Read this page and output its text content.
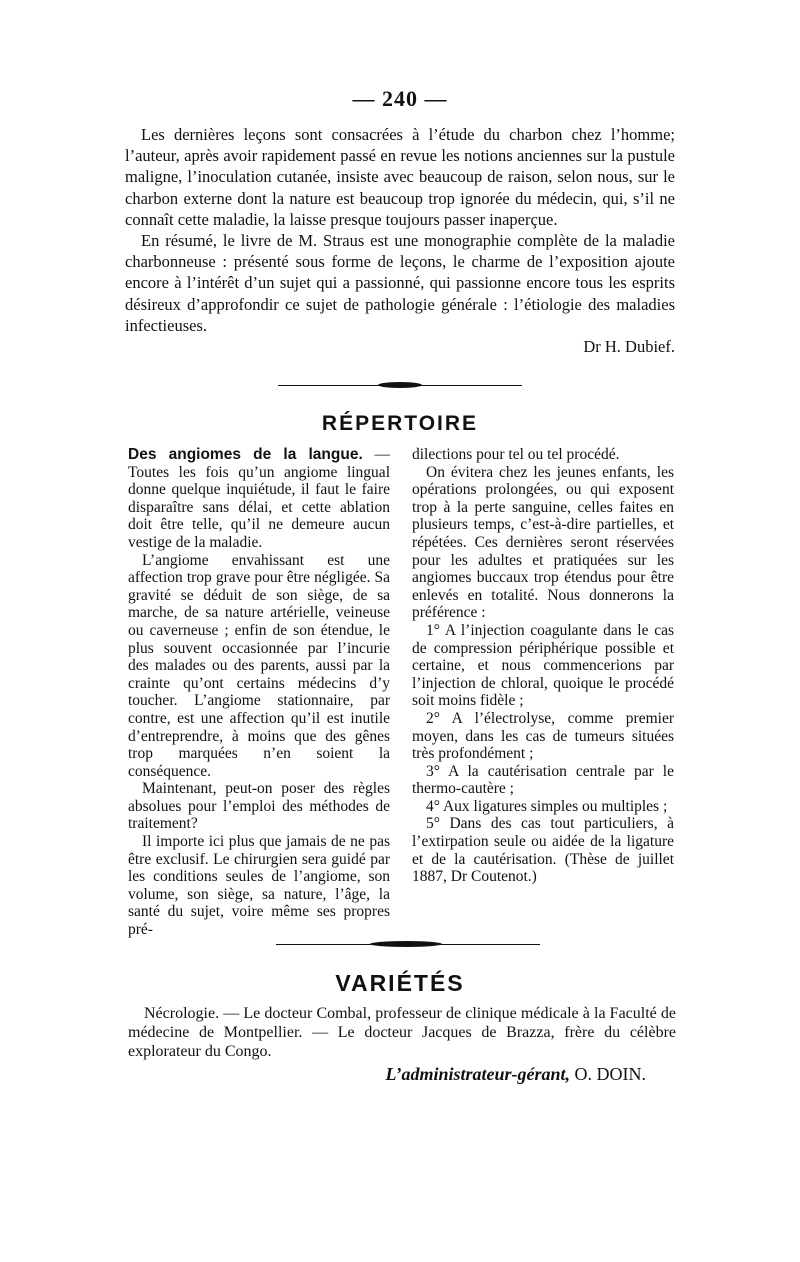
— 240 —

Les dernières leçons sont consacrées à l’étude du charbon chez l’homme; l’auteur, après avoir rapidement passé en revue les notions anciennes sur la pustule maligne, l’inoculation cutanée, insiste avec beaucoup de raison, selon nous, sur le charbon externe dont la nature est beaucoup trop ignorée du médecin, qui, s’il ne connaît cette maladie, la laisse presque toujours passer inaperçue.

En résumé, le livre de M. Straus est une monographie complète de la maladie charbonneuse : présenté sous forme de leçons, le charme de l’exposition ajoute encore à l’intérêt d’un sujet qui a passionné, qui passionne encore tous les esprits désireux d’approfondir ce sujet de pathologie générale : l’étiologie des maladies infectieuses.

Dr H. Dubief.

RÉPERTOIRE

Des angiomes de la langue. — Toutes les fois qu’un angiome lingual donne quelque inquiétude, il faut le faire disparaître sans délai, et cette ablation doit être telle, qu’il ne demeure aucun vestige de la maladie.

L’angiome envahissant est une affection trop grave pour être négligée. Sa gravité se déduit de son siège, de sa marche, de sa nature artérielle, veineuse ou caverneuse ; enfin de son étendue, le plus souvent occasionnée par l’incurie des malades ou des parents, aussi par la crainte qu’ont certains médecins d’y toucher. L’angiome stationnaire, par contre, est une affection qu’il est inutile d’entreprendre, à moins que des gênes trop marquées n’en soient la conséquence.

Maintenant, peut-on poser des règles absolues pour l’emploi des méthodes de traitement?

Il importe ici plus que jamais de ne pas être exclusif. Le chirurgien sera guidé par les conditions seules de l’angiome, son volume, son siège, sa nature, l’âge, la santé du sujet, voire même ses propres pré-

dilections pour tel ou tel procédé.

On évitera chez les jeunes enfants, les opérations prolongées, ou qui exposent trop à la perte sanguine, celles faites en plusieurs temps, c’est-à-dire partielles, et répétées. Ces dernières seront réservées pour les adultes et pratiquées sur les angiomes buccaux trop étendus pour être enlevés en totalité. Nous donnerons la préférence :

1° A l’injection coagulante dans le cas de compression périphérique possible et certaine, et nous commencerions par l’injection de chloral, quoique le procédé soit moins fidèle ;

2° A l’électrolyse, comme premier moyen, dans les cas de tumeurs situées très profondément ;

3° A la cautérisation centrale par le thermo-cautère ;

4° Aux ligatures simples ou multiples ;

5° Dans des cas tout particuliers, à l’extirpation seule ou aidée de la ligature et de la cautérisation. (Thèse de juillet 1887, Dr Coutenot.)

VARIÉTÉS

Nécrologie. — Le docteur Combal, professeur de clinique médicale à la Faculté de médecine de Montpellier. — Le docteur Jacques de Brazza, frère du célèbre explorateur du Congo.

L’administrateur-gérant, O. DOIN.
